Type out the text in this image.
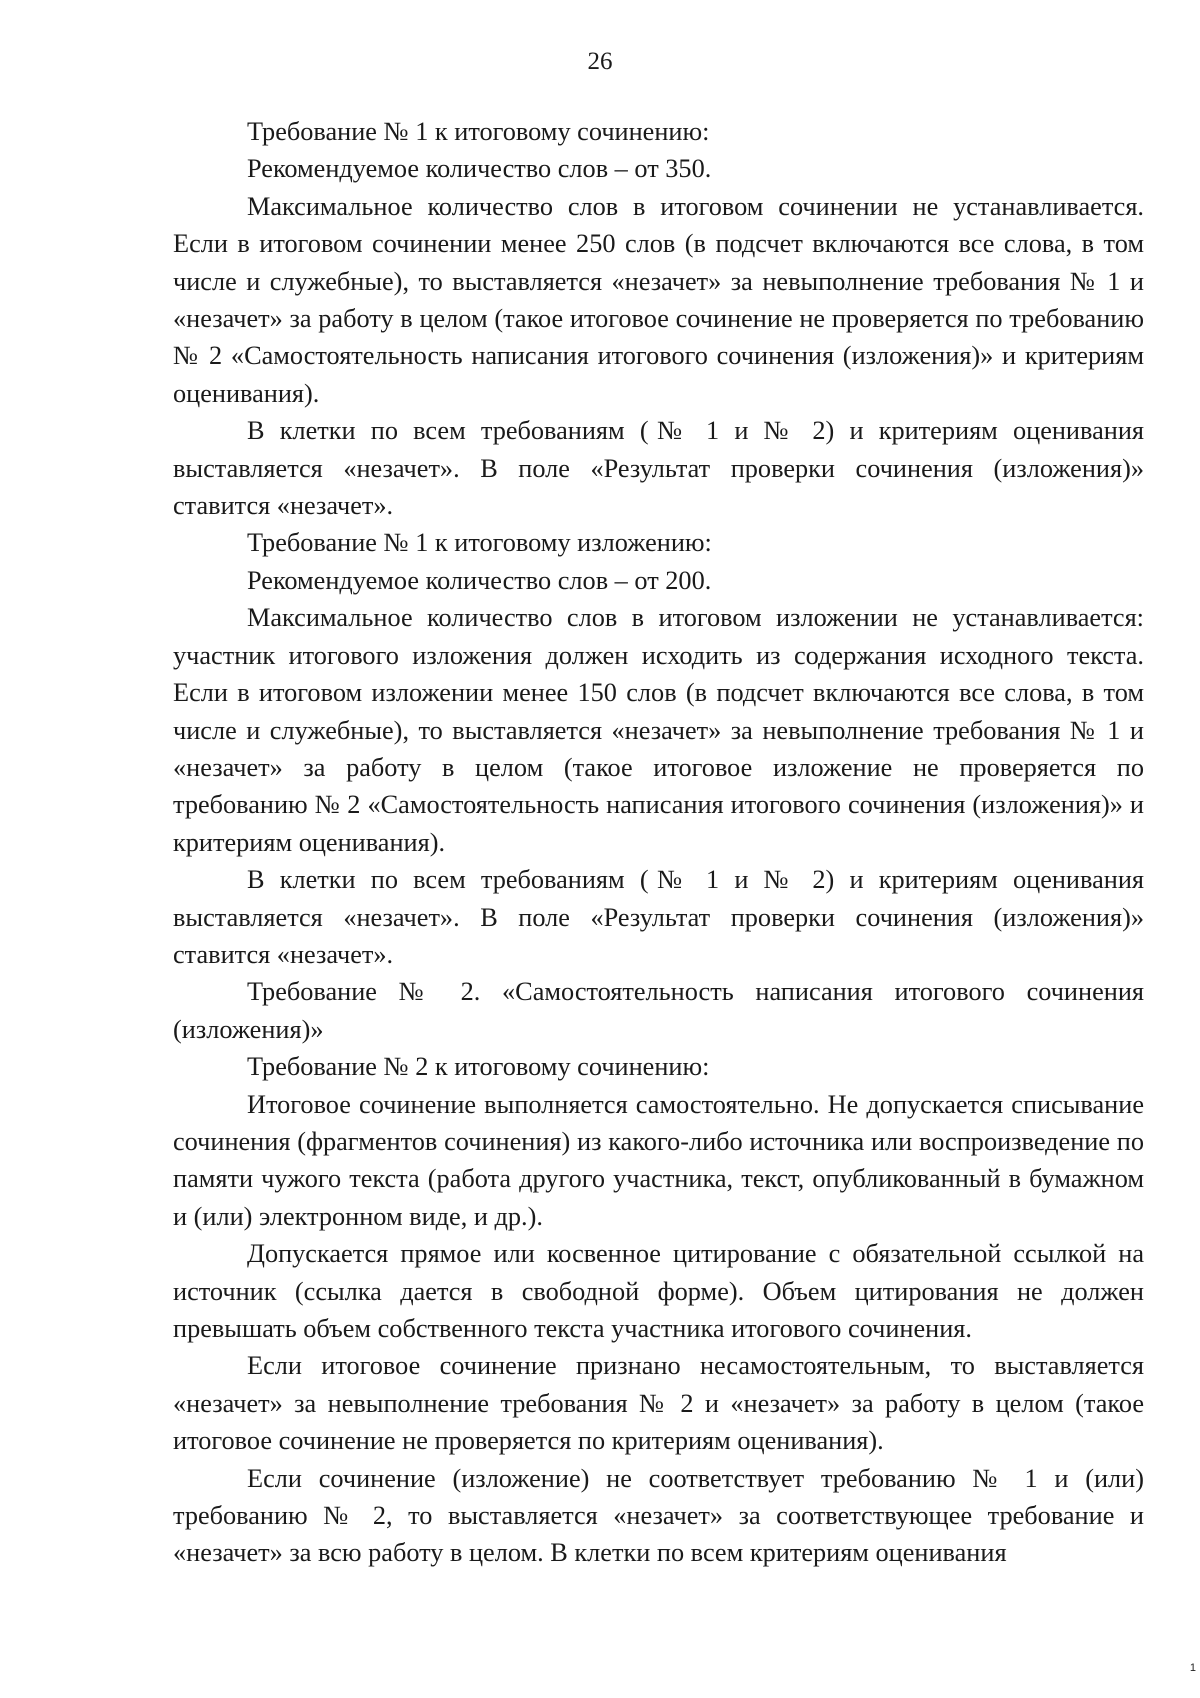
26

Требование № 1 к итоговому сочинению:

Рекомендуемое количество слов – от 350.

Максимальное количество слов в итоговом сочинении не устанавливается. Если в итоговом сочинении менее 250 слов (в подсчет включаются все слова, в том числе и служебные), то выставляется «незачет» за невыполнение требования № 1 и «незачет» за работу в целом (такое итоговое сочинение не проверяется по требованию № 2 «Самостоятельность написания итогового сочинения (изложения)» и критериям оценивания).

В клетки по всем требованиям (№ 1 и № 2) и критериям оценивания выставляется «незачет». В поле «Результат проверки сочинения (изложения)» ставится «незачет».

Требование № 1 к итоговому изложению:

Рекомендуемое количество слов – от 200.

Максимальное количество слов в итоговом изложении не устанавливается: участник итогового изложения должен исходить из содержания исходного текста. Если в итоговом изложении менее 150 слов (в подсчет включаются все слова, в том числе и служебные), то выставляется «незачет» за невыполнение требования № 1 и «незачет» за работу в целом (такое итоговое изложение не проверяется по требованию № 2 «Самостоятельность написания итогового сочинения (изложения)» и критериям оценивания).

В клетки по всем требованиям (№ 1 и № 2) и критериям оценивания выставляется «незачет». В поле «Результат проверки сочинения (изложения)» ставится «незачет».

Требование № 2. «Самостоятельность написания итогового сочинения (изложения)»

Требование № 2 к итоговому сочинению:

Итоговое сочинение выполняется самостоятельно. Не допускается списывание сочинения (фрагментов сочинения) из какого-либо источника или воспроизведение по памяти чужого текста (работа другого участника, текст, опубликованный в бумажном и (или) электронном виде, и др.).

Допускается прямое или косвенное цитирование с обязательной ссылкой на источник (ссылка дается в свободной форме). Объем цитирования не должен превышать объем собственного текста участника итогового сочинения.

Если итоговое сочинение признано несамостоятельным, то выставляется «незачет» за невыполнение требования № 2 и «незачет» за работу в целом (такое итоговое сочинение не проверяется по критериям оценивания).

Если сочинение (изложение) не соответствует требованию № 1 и (или) требованию № 2, то выставляется «незачет» за соответствующее требование и «незачет» за всю работу в целом. В клетки по всем критериям оценивания

1
